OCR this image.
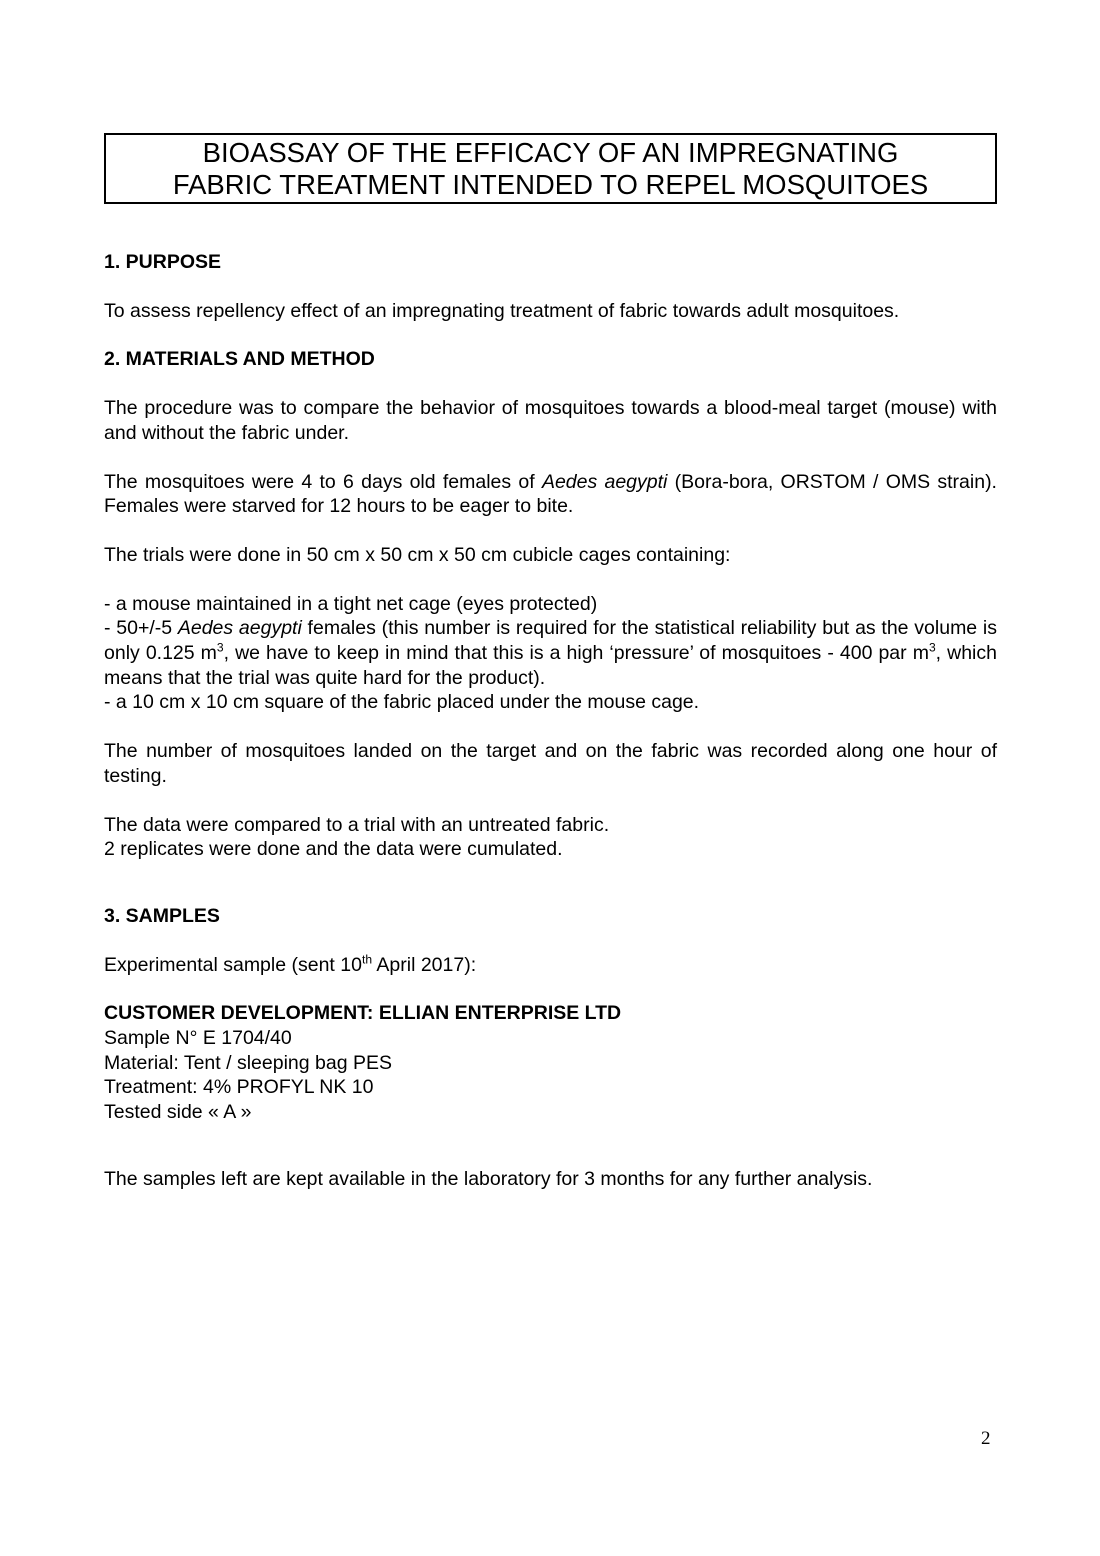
BIOASSAY OF THE EFFICACY OF AN IMPREGNATING
FABRIC TREATMENT INTENDED TO REPEL MOSQUITOES
1. PURPOSE

To assess repellency effect of an impregnating treatment of fabric towards adult mosquitoes.

2. MATERIALS AND METHOD

The procedure was to compare the behavior of mosquitoes towards a blood-meal target (mouse) with and without the fabric under.

The mosquitoes were 4 to 6 days old females of Aedes aegypti (Bora-bora, ORSTOM / OMS strain). Females were starved for 12 hours to be eager to bite.

The trials were done in 50 cm x 50 cm x 50 cm cubicle cages containing:

- a mouse maintained in a tight net cage (eyes protected)

- 50+/-5 Aedes aegypti females (this number is required for the statistical reliability but as the volume is only 0.125 $m^3$, we have to keep in mind that this is a high ‘pressure’ of mosquitoes - 400 par $m^3$, which means that the trial was quite hard for the product).

- a 10 cm x 10 cm square of the fabric placed under the mouse cage.

The number of mosquitoes landed on the target and on the fabric was recorded along one hour of testing.

The data were compared to a trial with an untreated fabric.

2 replicates were done and the data were cumulated.

3. SAMPLES

Experimental sample (sent 10th April 2017):

CUSTOMER DEVELOPMENT: ELLIAN ENTERPRISE LTD

Sample N° E 1704/40

Material: Tent / sleeping bag PES

Treatment: 4% PROFYL NK 10

Tested side « A »

The samples left are kept available in the laboratory for 3 months for any further analysis.

2
